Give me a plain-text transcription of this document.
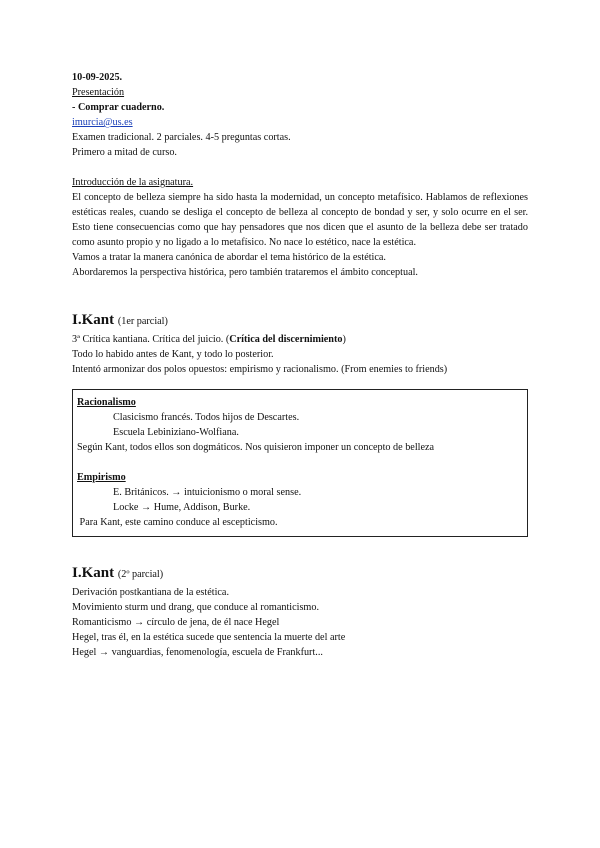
10-09-2025.
Presentación
- Comprar cuaderno.
imurcia@us.es
Examen tradicional. 2 parciales. 4-5 preguntas cortas.
Primero a mitad de curso.
Introducción de la asignatura.
El concepto de belleza siempre ha sido hasta la modernidad, un concepto metafísico. Hablamos de reflexiones estéticas reales, cuando se desliga el concepto de belleza al concepto de bondad y ser, y solo ocurre en el ser. Esto tiene consecuencias como que hay pensadores que nos dicen que el asunto de la belleza debe ser tratado como asunto propio y no ligado a lo metafísico. No nace lo estético, nace la estética.
Vamos a tratar la manera canónica de abordar el tema histórico de la estética.
Abordaremos la perspectiva histórica, pero también trataremos el ámbito conceptual.
I.Kant (1er parcial)
3ª Crítica kantiana. Crítica del juicio. (Crítica del discernimiento)
Todo lo habido antes de Kant, y todo lo posterior.
Intentó armonizar dos polos opuestos: empirismo y racionalismo. (From enemies to friends)
Racionalismo
Clasicismo francés. Todos hijos de Descartes.
Escuela Lebiniziano-Wolfiana.
Según Kant, todos ellos son dogmáticos. Nos quisieron imponer un concepto de belleza
Empirismo
E. Británicos. → intuicionismo o moral sense.
Locke → Hume, Addison, Burke.
Para Kant, este camino conduce al escepticismo.
I.Kant (2º parcial)
Derivación postkantiana de la estética.
Movimiento sturm und drang, que conduce al romanticismo.
Romanticismo → círculo de jena, de él nace Hegel
Hegel, tras él, en la estética sucede que sentencia la muerte del arte
Hegel → vanguardias, fenomenología, escuela de Frankfurt...
